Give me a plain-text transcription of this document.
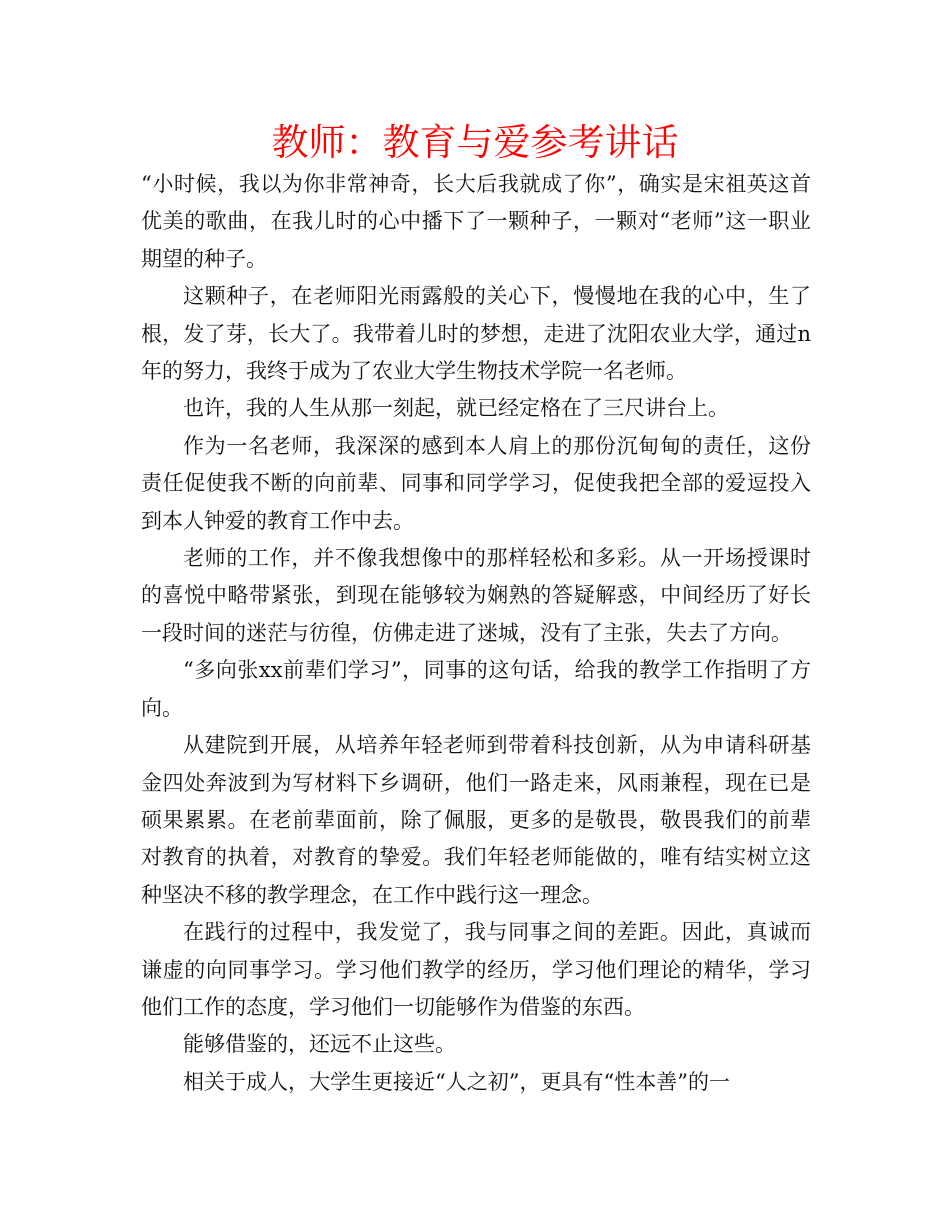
教师：教育与爱参考讲话

“小时候，我以为你非常神奇，长大后我就成了你”，确实是宋祖英这首优美的歌曲，在我儿时的心中播下了一颗种子，一颗对“老师”这一职业期望的种子。

这颗种子，在老师阳光雨露般的关心下，慢慢地在我的心中，生了根，发了芽，长大了。我带着儿时的梦想，走进了沈阳农业大学，通过n年的努力，我终于成为了农业大学生物技术学院一名老师。

也许，我的人生从那一刻起，就已经定格在了三尺讲台上。

作为一名老师，我深深的感到本人肩上的那份沉甸甸的责任，这份责任促使我不断的向前辈、同事和同学学习，促使我把全部的爱逗投入到本人钟爱的教育工作中去。

老师的工作，并不像我想像中的那样轻松和多彩。从一开场授课时的喜悦中略带紧张，到现在能够较为娴熟的答疑解惑，中间经历了好长一段时间的迷茫与彷徨，仿佛走进了迷城，没有了主张，失去了方向。

“多向张xx前辈们学习”，同事的这句话，给我的教学工作指明了方向。

从建院到开展，从培养年轻老师到带着科技创新，从为申请科研基金四处奔波到为写材料下乡调研，他们一路走来，风雨兼程，现在已是硕果累累。在老前辈面前，除了佩服，更多的是敬畏，敬畏我们的前辈对教育的执着，对教育的挚爱。我们年轻老师能做的，唯有结实树立这种坚决不移的教学理念，在工作中践行这一理念。

在践行的过程中，我发觉了，我与同事之间的差距。因此，真诚而谦虚的向同事学习。学习他们教学的经历，学习他们理论的精华，学习他们工作的态度，学习他们一切能够作为借鉴的东西。

能够借鉴的，还远不止这些。

相关于成人，大学生更接近“人之初”，更具有“性本善”的一
